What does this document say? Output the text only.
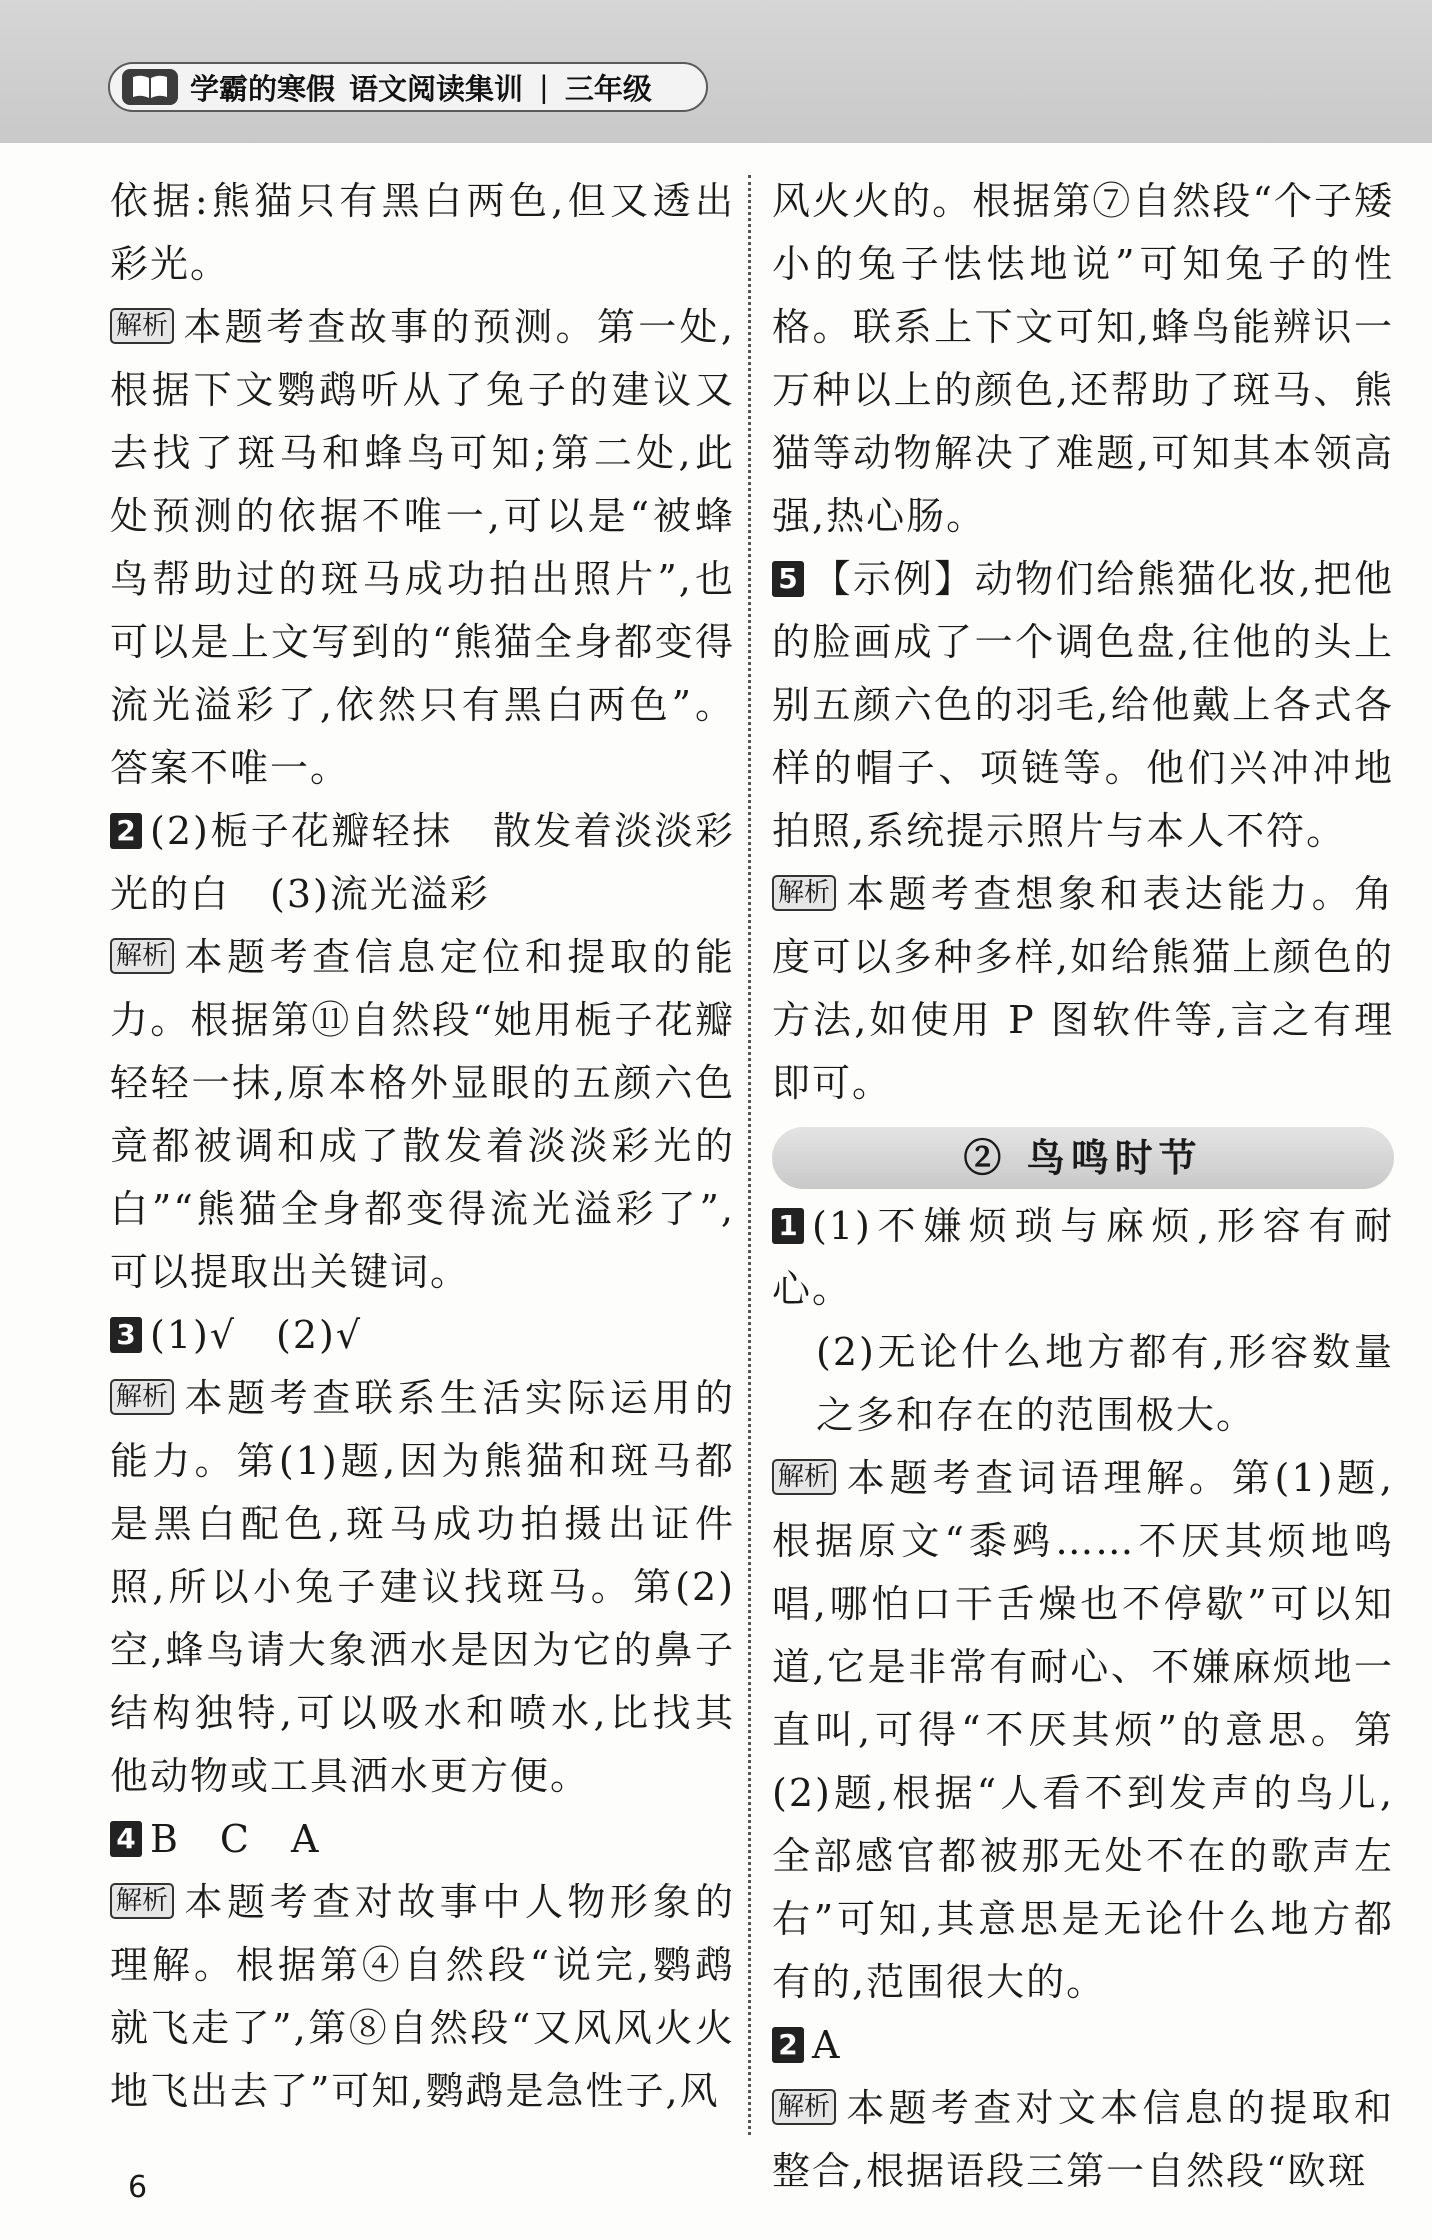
学霸的寒假 语文阅读集训 | 三年级

依据:熊猫只有黑白两色,但又透出彩光。

解析 本题考查故事的预测。第一处,根据下文鹦鹉听从了兔子的建议又去找了斑马和蜂鸟可知;第二处,此处预测的依据不唯一,可以是“被蜂鸟帮助过的斑马成功拍出照片”,也可以是上文写到的“熊猫全身都变得流光溢彩了,依然只有黑白两色”。答案不唯一。

2 (2)栀子花瓣轻抹　散发着淡淡彩光的白　(3)流光溢彩

解析 本题考查信息定位和提取的能力。根据第⑪自然段“她用栀子花瓣轻轻一抹,原本格外显眼的五颜六色竟都被调和成了散发着淡淡彩光的白”“熊猫全身都变得流光溢彩了”,可以提取出关键词。

3 (1)√　(2)√

解析 本题考查联系生活实际运用的能力。第(1)题,因为熊猫和斑马都是黑白配色,斑马成功拍摄出证件照,所以小兔子建议找斑马。第(2)空,蜂鸟请大象洒水是因为它的鼻子结构独特,可以吸水和喷水,比找其他动物或工具洒水更方便。

4 B　C　A

解析 本题考查对故事中人物形象的理解。根据第④自然段“说完,鹦鹉就飞走了”,第⑧自然段“又风风火火地飞出去了”可知,鹦鹉是急性子,风

风火火的。根据第⑦自然段“个子矮小的兔子怯怯地说”可知兔子的性格。联系上下文可知,蜂鸟能辨识一万种以上的颜色,还帮助了斑马、熊猫等动物解决了难题,可知其本领高强,热心肠。

5 【示例】动物们给熊猫化妆,把他的脸画成了一个调色盘,往他的头上别五颜六色的羽毛,给他戴上各式各样的帽子、项链等。他们兴冲冲地拍照,系统提示照片与本人不符。

解析 本题考查想象和表达能力。角度可以多种多样,如给熊猫上颜色的方法,如使用 P 图软件等,言之有理即可。

② 鸟鸣时节

1 (1)不嫌烦琐与麻烦,形容有耐心。

(2)无论什么地方都有,形容数量之多和存在的范围极大。

解析 本题考查词语理解。第(1)题,根据原文“黍鹀……不厌其烦地鸣唱,哪怕口干舌燥也不停歇”可以知道,它是非常有耐心、不嫌麻烦地一直叫,可得“不厌其烦”的意思。第(2)题,根据“人看不到发声的鸟儿,全部感官都被那无处不在的歌声左右”可知,其意思是无论什么地方都有的,范围很大的。

2 A

解析 本题考查对文本信息的提取和整合,根据语段三第一自然段“欧斑

6
